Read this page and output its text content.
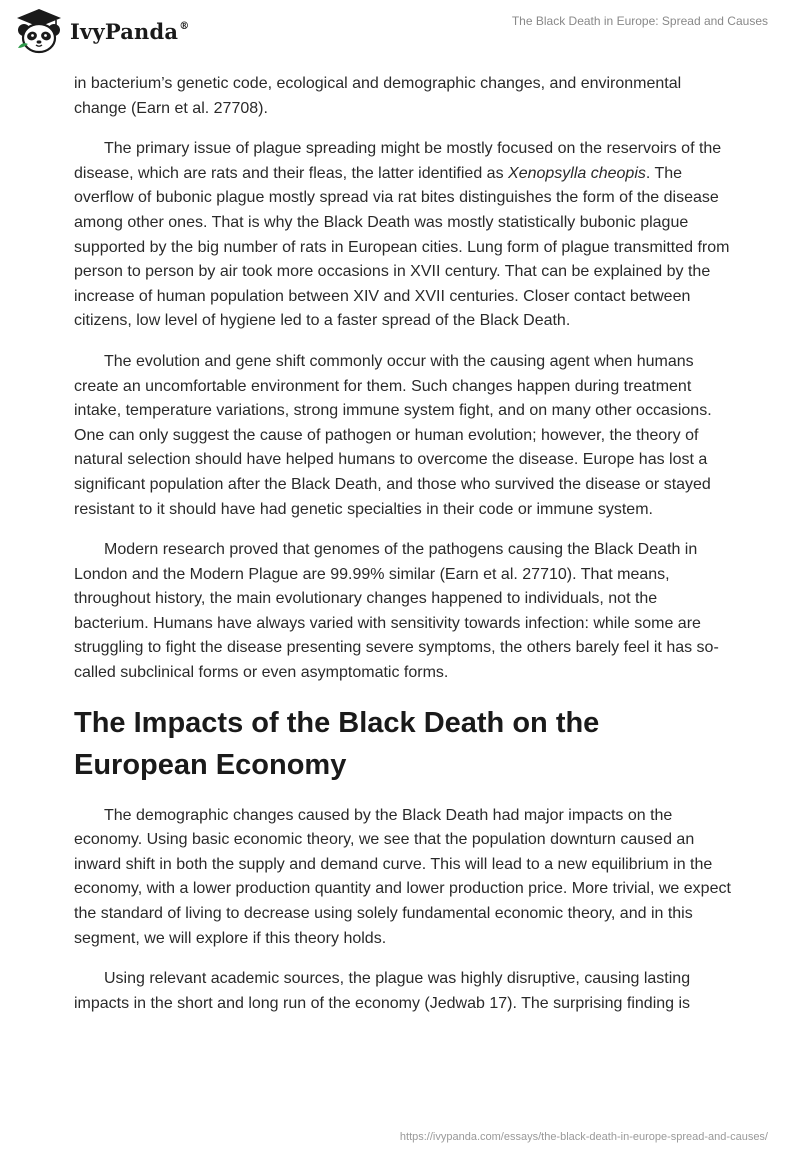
IvyPanda®	The Black Death in Europe: Spread and Causes

in bacterium’s genetic code, ecological and demographic changes, and environmental change (Earn et al. 27708).

The primary issue of plague spreading might be mostly focused on the reservoirs of the disease, which are rats and their fleas, the latter identified as Xenopsylla cheopis. The overflow of bubonic plague mostly spread via rat bites distinguishes the form of the disease among other ones. That is why the Black Death was mostly statistically bubonic plague supported by the big number of rats in European cities. Lung form of plague transmitted from person to person by air took more occasions in XVII century. That can be explained by the increase of human population between XIV and XVII centuries. Closer contact between citizens, low level of hygiene led to a faster spread of the Black Death.

The evolution and gene shift commonly occur with the causing agent when humans create an uncomfortable environment for them. Such changes happen during treatment intake, temperature variations, strong immune system fight, and on many other occasions. One can only suggest the cause of pathogen or human evolution; however, the theory of natural selection should have helped humans to overcome the disease. Europe has lost a significant population after the Black Death, and those who survived the disease or stayed resistant to it should have had genetic specialties in their code or immune system.

Modern research proved that genomes of the pathogens causing the Black Death in London and the Modern Plague are 99.99% similar (Earn et al. 27710). That means, throughout history, the main evolutionary changes happened to individuals, not the bacterium. Humans have always varied with sensitivity towards infection: while some are struggling to fight the disease presenting severe symptoms, the others barely feel it has so-called subclinical forms or even asymptomatic forms.

The Impacts of the Black Death on the European Economy

The demographic changes caused by the Black Death had major impacts on the economy. Using basic economic theory, we see that the population downturn caused an inward shift in both the supply and demand curve. This will lead to a new equilibrium in the economy, with a lower production quantity and lower production price. More trivial, we expect the standard of living to decrease using solely fundamental economic theory, and in this segment, we will explore if this theory holds.

Using relevant academic sources, the plague was highly disruptive, causing lasting impacts in the short and long run of the economy (Jedwab 17). The surprising finding is

https://ivypanda.com/essays/the-black-death-in-europe-spread-and-causes/
